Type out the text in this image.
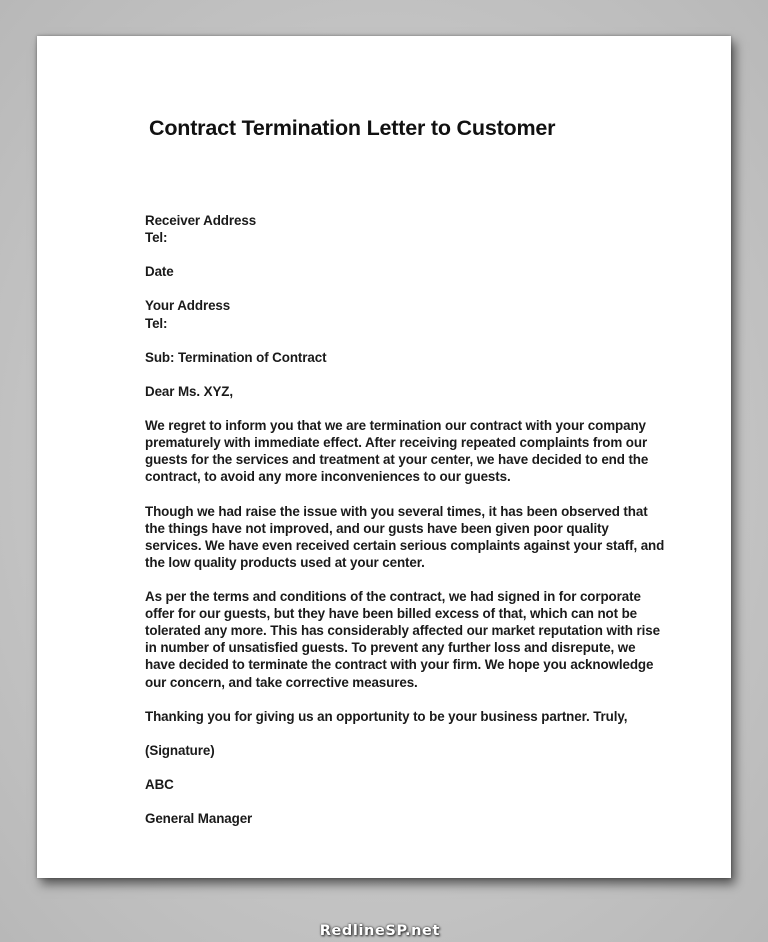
Contract Termination Letter to Customer

Receiver Address

Tel:

Date

Your Address

Tel:

Sub: Termination of Contract

Dear Ms. XYZ,

We regret to inform you that we are termination our contract with your company prematurely with immediate effect. After receiving repeated complaints from our guests for the services and treatment at your center, we have decided to end the contract, to avoid any more inconveniences to our guests.

Though we had raise the issue with you several times, it has been observed that the things have not improved, and our gusts have been given poor quality services. We have even received certain serious complaints against your staff, and the low quality products used at your center.

As per the terms and conditions of the contract, we had signed in for corporate offer for our guests, but they have been billed excess of that, which can not be tolerated any more. This has considerably affected our market reputation with rise in number of unsatisfied guests. To prevent any further loss and disrepute, we have decided to terminate the contract with your firm. We hope you acknowledge our concern, and take corrective measures.

Thanking you for giving us an opportunity to be your business partner. Truly,

(Signature)

ABC

General Manager

RedlineSP.net
